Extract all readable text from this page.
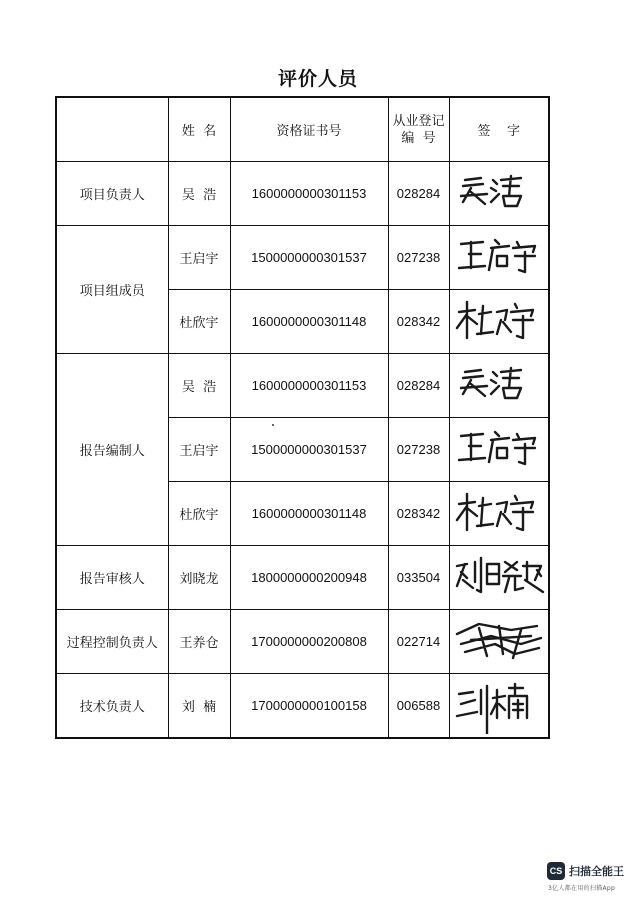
评价人员
	姓  名	资格证书号	从业登记
编  号	签    字
项目负责人	吴  浩	1600000000301153	028284	

项目组成员	王启宇	1500000000301537	027238	

	杜欣宇	1600000000301148	028342	

报告编制人	吴  浩	1600000000301153	028284	

	王启宇	1500000000301537	027238	

	杜欣宇	1600000000301148	028342	

报告审核人	刘晓龙	1800000000200948	033504	

过程控制负责人	王养仓	1700000000200808	022714	

技术负责人	刘  楠	1700000000100158	006588	
CS 扫描全能王
3亿人都在用的扫描App
